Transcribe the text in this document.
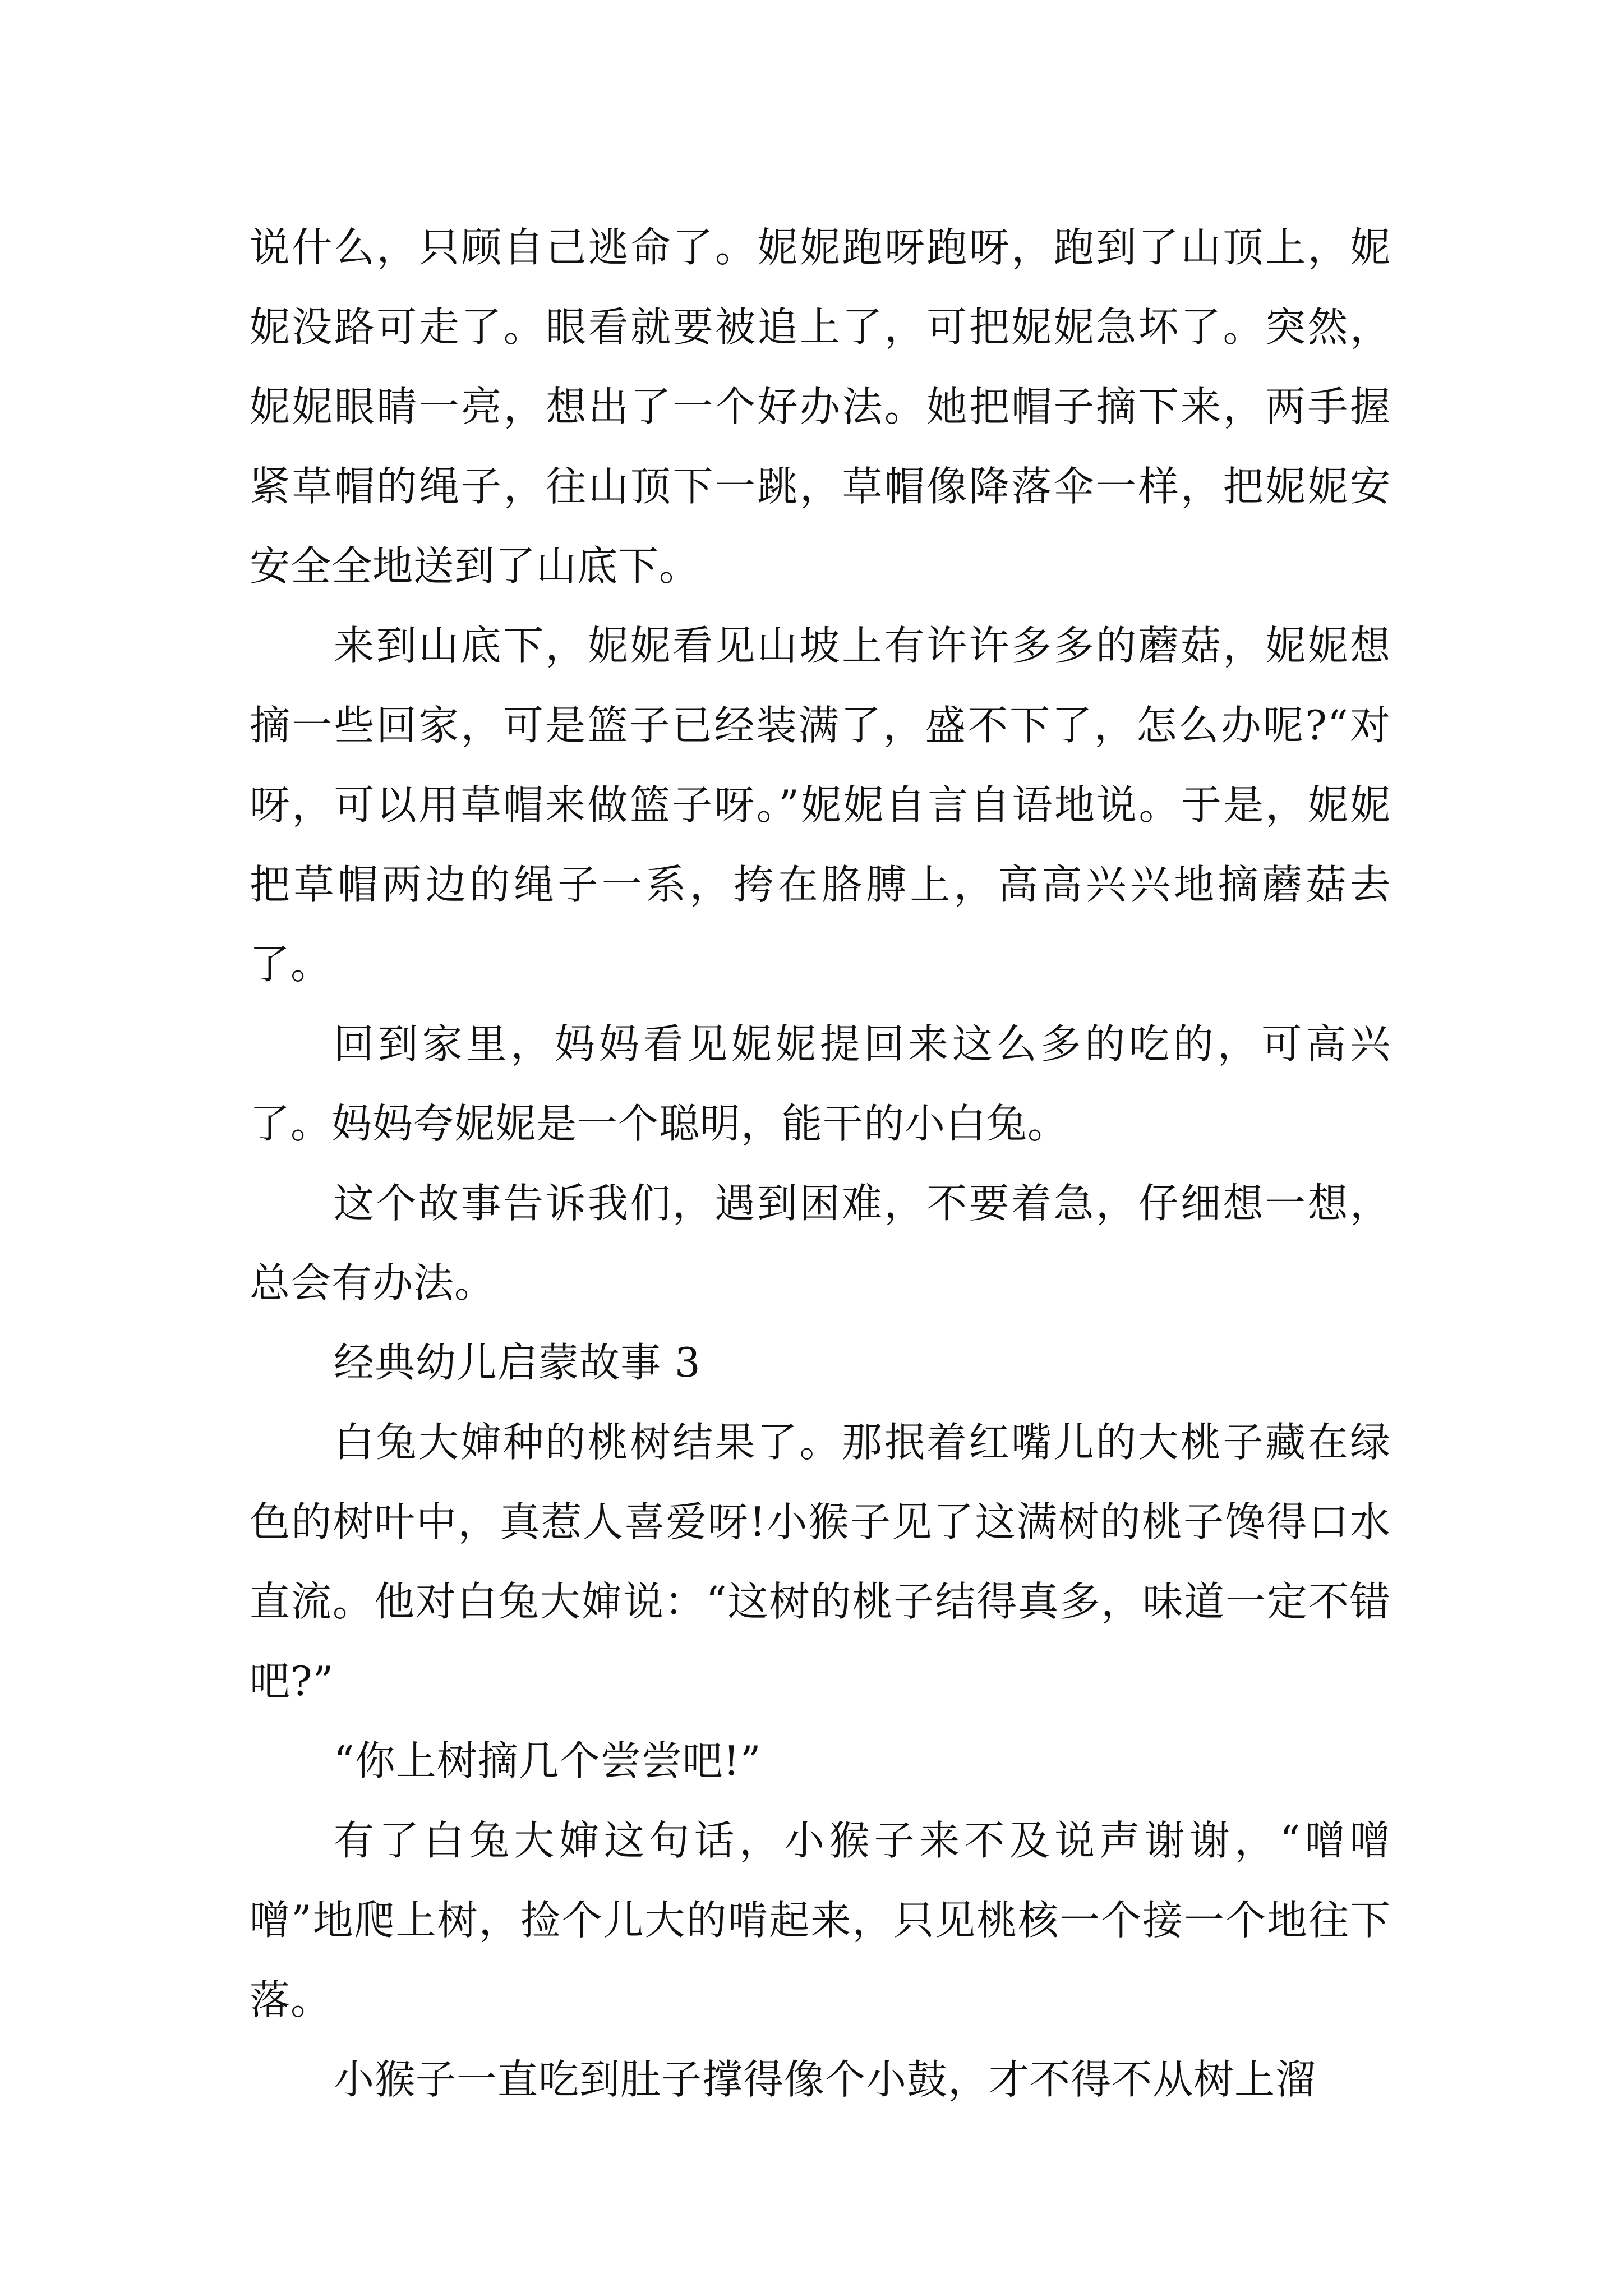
说什么，只顾自己逃命了。妮妮跑呀跑呀，跑到了山顶上，妮妮没路可走了。眼看就要被追上了，可把妮妮急坏了。突然，妮妮眼睛一亮，想出了一个好办法。她把帽子摘下来，两手握紧草帽的绳子，往山顶下一跳，草帽像降落伞一样，把妮妮安安全全地送到了山底下。

来到山底下，妮妮看见山坡上有许许多多的蘑菇，妮妮想摘一些回家，可是篮子已经装满了，盛不下了，怎么办呢?“对呀，可以用草帽来做篮子呀。”妮妮自言自语地说。于是，妮妮把草帽两边的绳子一系，挎在胳膊上，高高兴兴地摘蘑菇去了。

回到家里，妈妈看见妮妮提回来这么多的吃的，可高兴了。妈妈夸妮妮是一个聪明，能干的小白兔。

这个故事告诉我们，遇到困难，不要着急，仔细想一想，总会有办法。

经典幼儿启蒙故事 3

白兔大婶种的桃树结果了。那抿着红嘴儿的大桃子藏在绿色的树叶中，真惹人喜爱呀!小猴子见了这满树的桃子馋得口水直流。他对白兔大婶说：“这树的桃子结得真多，味道一定不错吧?”

“你上树摘几个尝尝吧!”

有了白兔大婶这句话，小猴子来不及说声谢谢，“噌噌噌”地爬上树，捡个儿大的啃起来，只见桃核一个接一个地往下落。

小猴子一直吃到肚子撑得像个小鼓，才不得不从树上溜
